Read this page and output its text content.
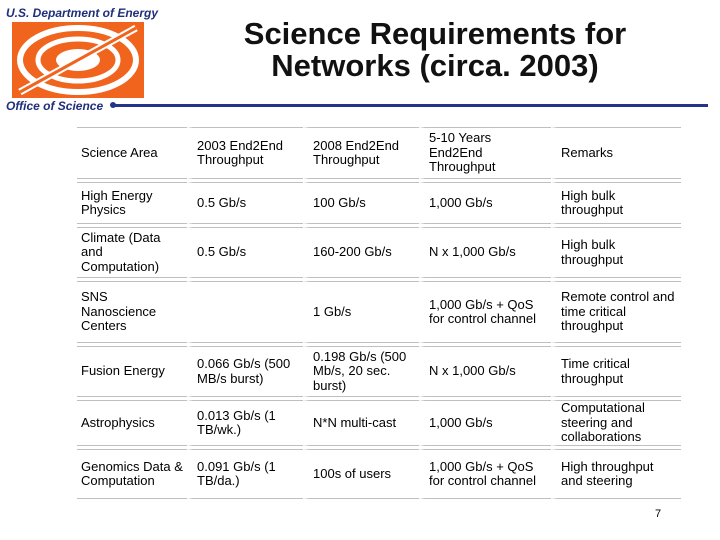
U.S. Department of Energy
Science Requirements for
Networks (circa. 2003)
Office of Science
Science Area	2003 End2End Throughput	2008 End2End Throughput	5-10 Years End2End Throughput	Remarks
High Energy Physics	0.5 Gb/s	100 Gb/s	1,000 Gb/s	High bulk throughput
Climate (Data and Computation)	0.5 Gb/s	160-200 Gb/s	N x 1,000 Gb/s	High bulk throughput
SNS Nanoscience Centers		1 Gb/s	1,000 Gb/s + QoS for control channel	Remote control and time critical throughput
Fusion Energy	0.066 Gb/s (500 MB/s burst)	0.198 Gb/s (500 Mb/s, 20 sec. burst)	N x 1,000 Gb/s	Time critical throughput
Astrophysics	0.013 Gb/s (1 TB/wk.)	N*N multi-cast	1,000 Gb/s	Computational steering and collaborations
Genomics Data & Computation	0.091 Gb/s (1 TB/da.)	100s of users	1,000 Gb/s + QoS for control channel	High throughput and steering
7
